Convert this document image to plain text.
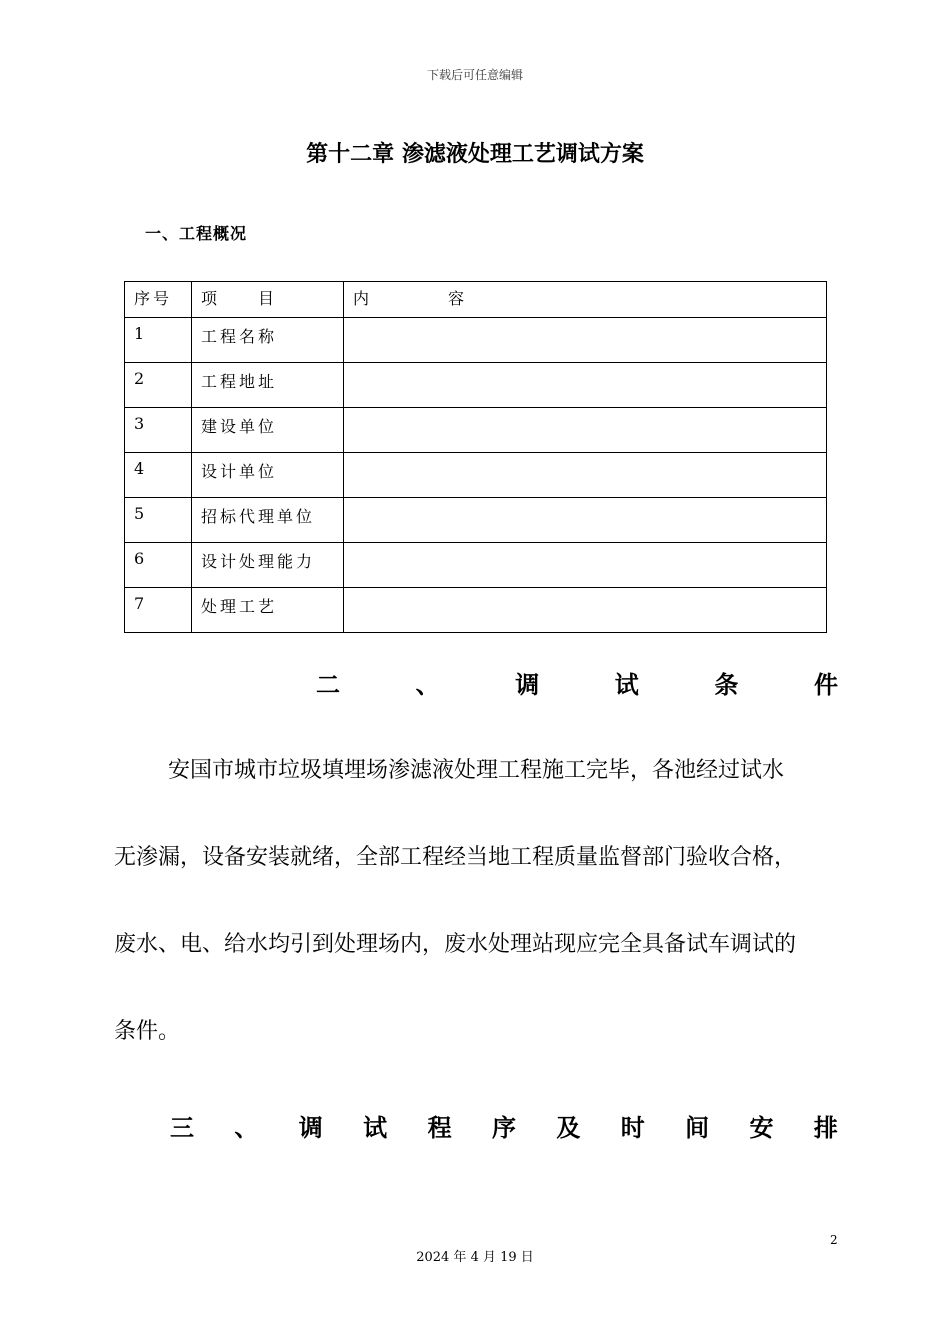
下载后可任意编辑
第十二章 渗滤液处理工艺调试方案
一、工程概况
序号	项　　目	内　　　　容
1	工程名称	
2	工程地址	
3	建设单位	
4	设计单位	
5	招标代理单位	
6	设计处理能力	
7	处理工艺	
二	、	调	试	条	件
安国市城市垃圾填埋场渗滤液处理工程施工完毕，各池经过试水
无渗漏，设备安装就绪，全部工程经当地工程质量监督部门验收合格，
废水、电、给水均引到处理场内，废水处理站现应完全具备试车调试的
条件。
三 、 调 试 程 序 及 时 间 安 排
2
2024 年 4 月 19 日
